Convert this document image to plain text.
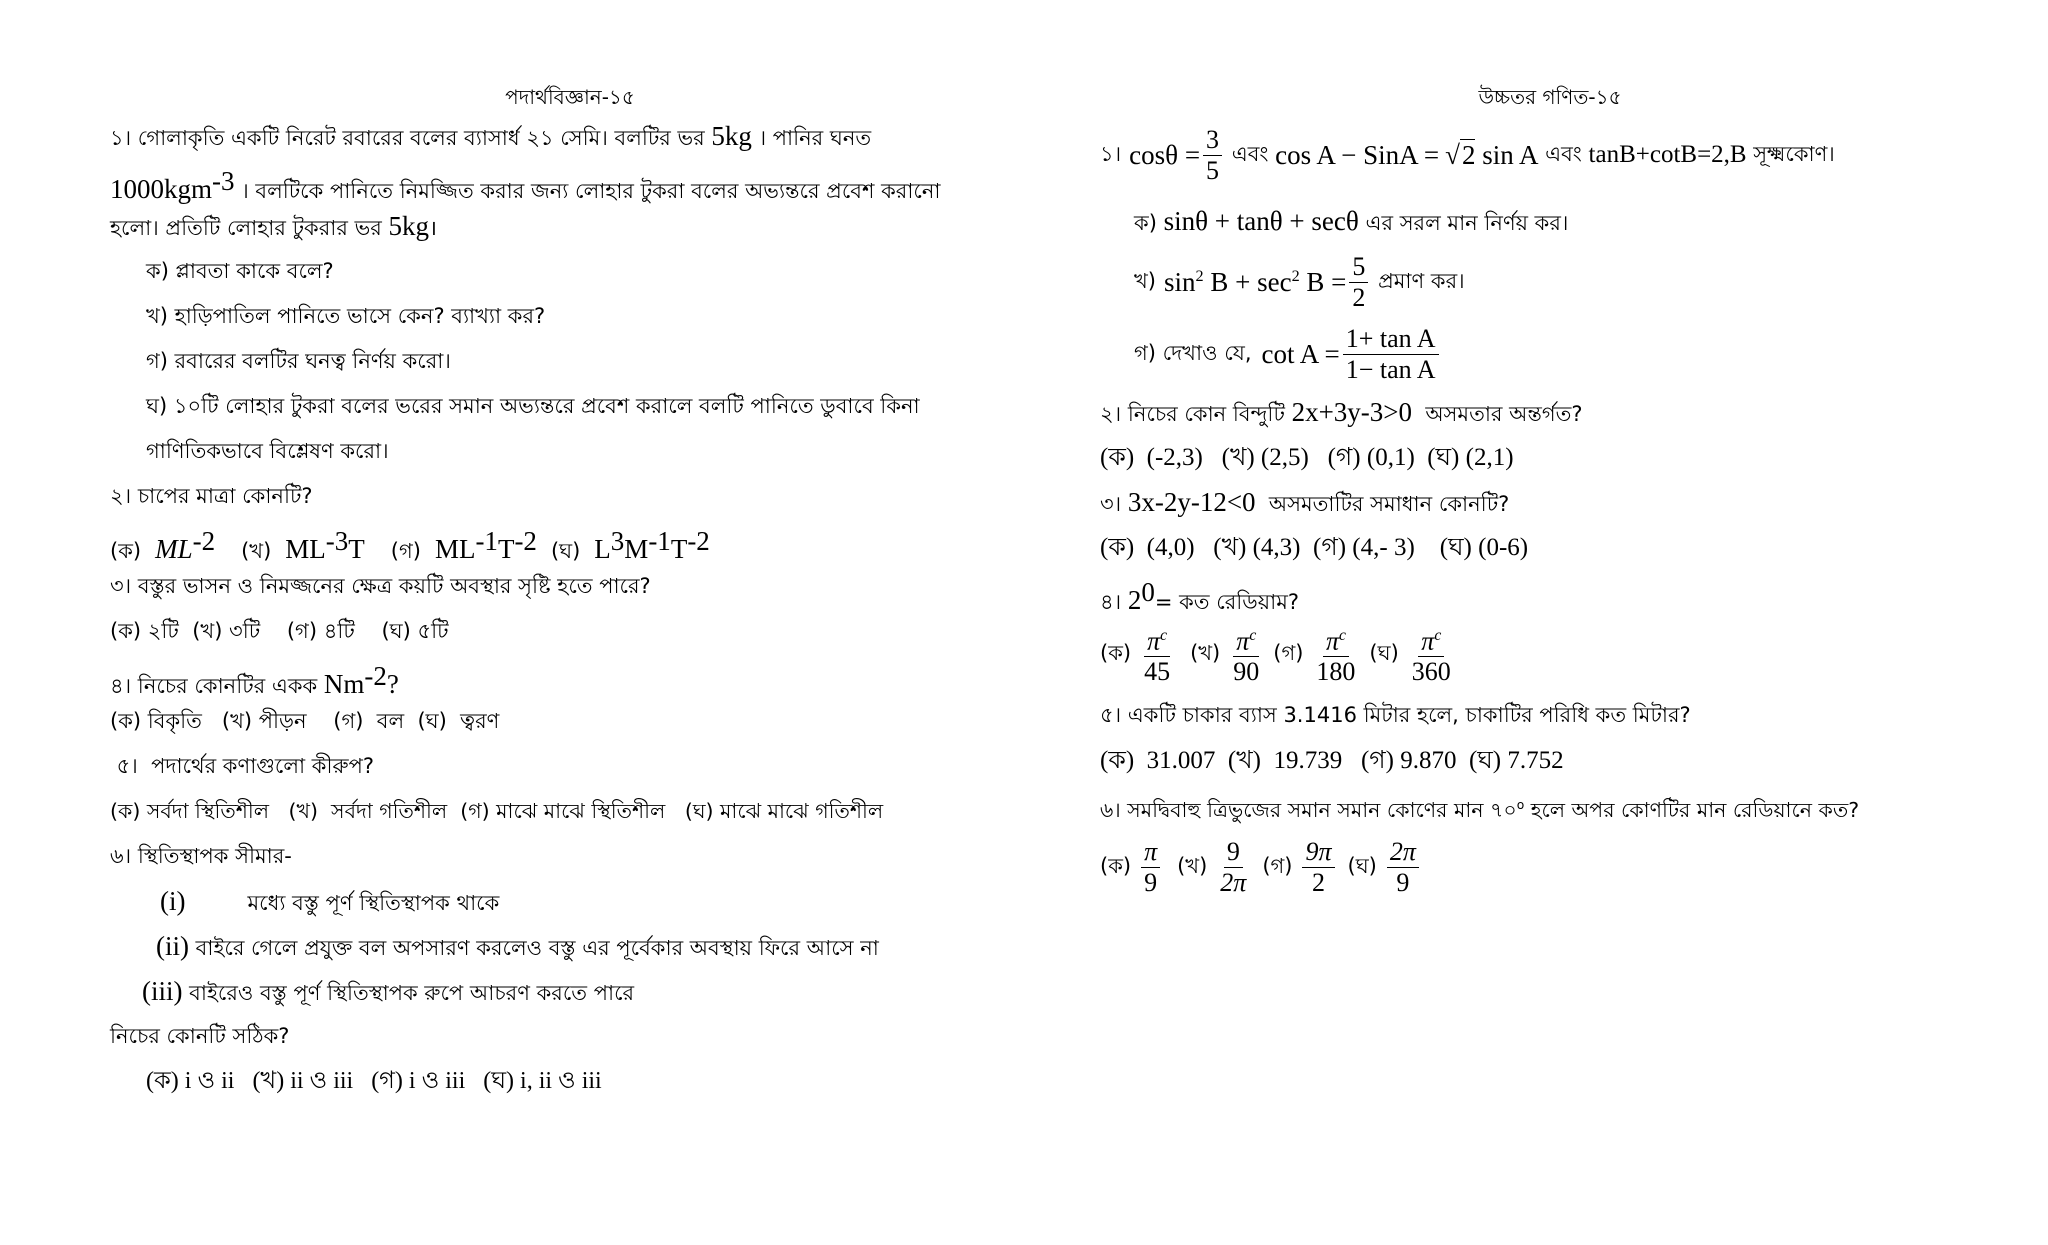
পদার্থবিজ্ঞান-১৫
১। গোলাকৃতি একটি নিরেট রবারের বলের ব্যাসার্ধ ২১ সেমি। বলটির ভর 5kg । পানির ঘনত
1000kgm$^{-3}$ । বলটিকে পানিতে নিমজ্জিত করার জন্য লোহার টুকরা বলের অভ্যন্তরে প্রবেশ করানো
হলো। প্রতিটি লোহার টুকরার ভর 5kg।
ক) প্লাবতা কাকে বলে?
খ) হাড়িপাতিল পানিতে ভাসে কেন? ব্যাখ্যা কর?
গ) রবারের বলটির ঘনত্ব নির্ণয় করো।
ঘ) ১০টি লোহার টুকরা বলের ভরের সমান অভ্যন্তরে প্রবেশ করালে বলটি পানিতে ডুবাবে কিনা
গাণিতিকভাবে বিশ্লেষণ করো।
২। চাপের মাত্রা কোনটি?
(ক) $ML^{-2}$ (খ) $ML^{-3}T$ (গ) $ML^{-1}T^{-2}$ (ঘ) $L^3M^{-1}T^{-2}$
৩। বস্তুর ভাসন ও নিমজ্জনের ক্ষেত্র কয়টি অবস্থার সৃষ্টি হতে পারে?
(ক) ২টি  (খ) ৩টি    (গ) ৪টি    (ঘ) ৫টি
৪। নিচের কোনটির একক $Nm^{-2}$?
(ক) বিকৃতি   (খ) পীড়ন    (গ)  বল  (ঘ)  ত্বরণ
৫।  পদার্থের কণাগুলো কীরুপ?
(ক) সর্বদা স্থিতিশীল   (খ)  সর্বদা গতিশীল  (গ) মাঝে মাঝে স্থিতিশীল   (ঘ) মাঝে মাঝে গতিশীল
৬। স্থিতিস্থাপক সীমার-
(i)	মধ্যে বস্তু পূর্ণ স্থিতিস্থাপক থাকে
(ii) বাইরে গেলে প্রযুক্ত বল অপসারণ করলেও বস্তু এর পূর্বেকার অবস্থায় ফিরে আসে না
(iii) বাইরেও বস্তু পূর্ণ স্থিতিস্থাপক রুপে আচরণ করতে পারে
নিচের কোনটি সঠিক?
(ক) i ও ii   (খ) ii ও iii   (গ) i ও iii   (ঘ) i, ii ও iii
উচ্চতর গণিত-১৫
১। $\cos\theta = \frac{3}{5}$ এবং cos A − SinA = √ 2 sin A এবং tanB+cotB=2,B সূক্ষ্মকোণ।
ক) sinθ + tanθ + secθ এর সরল মান নির্ণয় কর।
খ) $\sin^2 B + \sec^2 B = \frac{5}{2}$ প্রমাণ কর।
গ) দেখাও যে, $\cot A = \frac{\text{1+ tan A}}{\text{1− tan A}}$
২। নিচের কোন বিন্দুটি 2x+3y-3>0  অসমতার অন্তর্গত?
(ক)  (-2,3)   (খ) (2,5)   (গ) (0,1)  (ঘ) (2,1)
৩। 3x-2y-12<0  অসমতাটির সমাধান কোনটি?
(ক)  (4,0)   (খ) (4,3)  (গ) (4,- 3)    (ঘ) (0-6)
৪। $2^0=$ কত রেডিয়াম?
(ক) $\frac{\pi^c}{45}$ (খ) $\frac{\pi^c}{90}$ (গ) $\frac{\pi^c}{180}$ (ঘ) $\frac{\pi^c}{360}$
৫। একটি চাকার ব্যাস 3.1416 মিটার হলে, চাকাটির পরিধি কত মিটার?
(ক)  31.007  (খ)  19.739   (গ) 9.870  (ঘ) 7.752
৬। সমদ্বিবাহু ত্রিভুজের সমান সমান কোণের মান ৭০$^o$ হলে অপর কোণটির মান রেডিয়ানে কত?
(ক) $\frac{\pi}{9}$ (খ) $\frac{9}{2\pi}$ (গ) $\frac{9\pi}{2}$ (ঘ) $\frac{2\pi}{9}$
